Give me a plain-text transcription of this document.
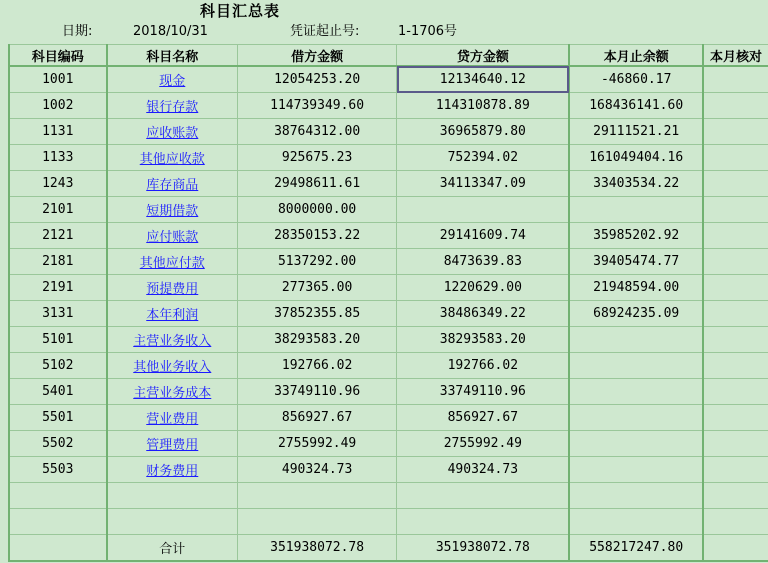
科目汇总表
日期:	2018/10/31	凭证起止号:	1-1706号
科目编码	科目名称	借方金额	贷方金额	本月止余额	本月核对
1001	现金	12054253.20	12134640.12	-46860.17	
1002	银行存款	114739349.60	114310878.89	168436141.60	
1131	应收账款	38764312.00	36965879.80	29111521.21	
1133	其他应收款	925675.23	752394.02	161049404.16	
1243	库存商品	29498611.61	34113347.09	33403534.22	
2101	短期借款	8000000.00			
2121	应付账款	28350153.22	29141609.74	35985202.92	
2181	其他应付款	5137292.00	8473639.83	39405474.77	
2191	预提费用	277365.00	1220629.00	21948594.00	
3131	本年利润	37852355.85	38486349.22	68924235.09	
5101	主营业务收入	38293583.20	38293583.20		
5102	其他业务收入	192766.02	192766.02		
5401	主营业务成本	33749110.96	33749110.96		
5501	营业费用	856927.67	856927.67		
5502	管理费用	2755992.49	2755992.49		
5503	财务费用	490324.73	490324.73		

	合计	351938072.78	351938072.78	558217247.80	
